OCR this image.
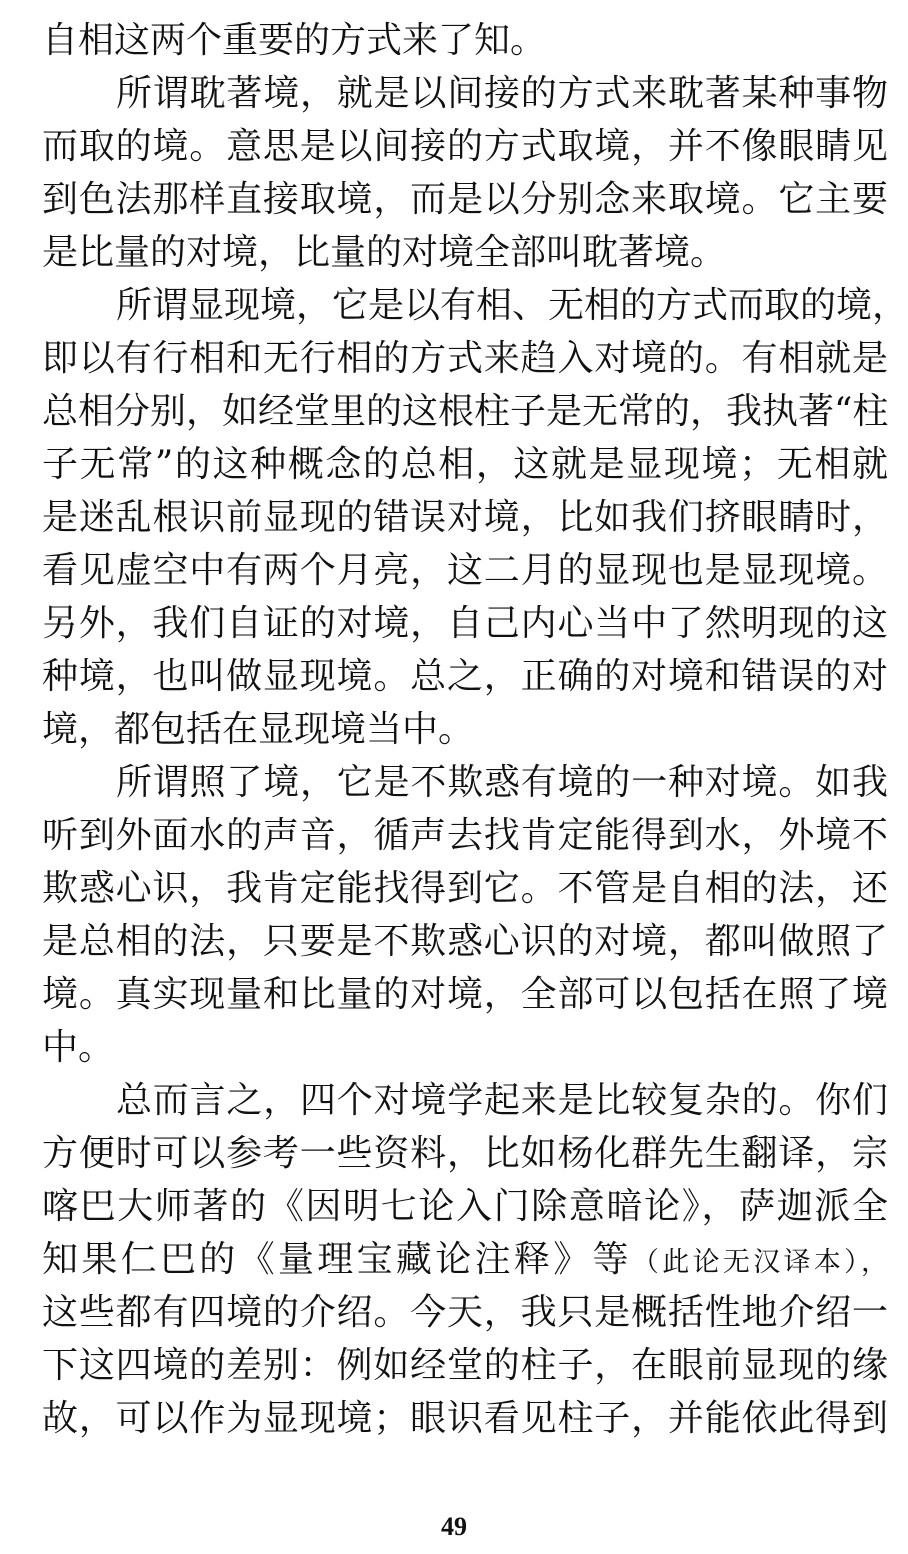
自相这两个重要的方式来了知。
所谓耽著境，就是以间接的方式来耽著某种事物
而取的境。意思是以间接的方式取境，并不像眼睛见
到色法那样直接取境，而是以分别念来取境。它主要
是比量的对境，比量的对境全部叫耽著境。
所谓显现境，它是以有相、无相的方式而取的境，
即以有行相和无行相的方式来趋入对境的。有相就是
总相分别，如经堂里的这根柱子是无常的，我执著“柱
子无常”的这种概念的总相，这就是显现境；无相就
是迷乱根识前显现的错误对境，比如我们挤眼睛时，
看见虚空中有两个月亮，这二月的显现也是显现境。
另外，我们自证的对境，自己内心当中了然明现的这
种境，也叫做显现境。总之，正确的对境和错误的对
境，都包括在显现境当中。
所谓照了境，它是不欺惑有境的一种对境。如我
听到外面水的声音，循声去找肯定能得到水，外境不
欺惑心识，我肯定能找得到它。不管是自相的法，还
是总相的法，只要是不欺惑心识的对境，都叫做照了
境。真实现量和比量的对境，全部可以包括在照了境
中。
总而言之，四个对境学起来是比较复杂的。你们
方便时可以参考一些资料，比如杨化群先生翻译，宗
喀巴大师著的《因明七论入门除意暗论》，萨迦派全
知果仁巴的《量理宝藏论注释》等（此论无汉译本），
这些都有四境的介绍。今天，我只是概括性地介绍一
下这四境的差别：例如经堂的柱子，在眼前显现的缘
故，可以作为显现境；眼识看见柱子，并能依此得到
49
